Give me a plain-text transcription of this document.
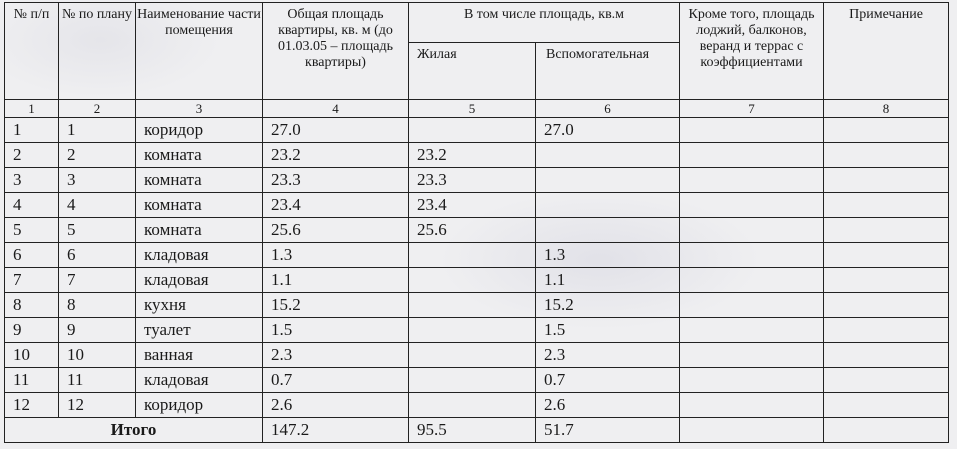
№ п/п	№ по плану	Наименование части помещения	Общая площадь квартиры, кв. м (до 01.03.05 – площадь квартиры)	В том числе площадь, кв.м		Кроме того, площадь лоджий, балконов, веранд и террас с коэффициентами	Примечание
				Жилая	Вспомогательная		
1	2	3	4	5	6	7	8
1	1	коридор	27.0		27.0		
2	2	комната	23.2	23.2			
3	3	комната	23.3	23.3			
4	4	комната	23.4	23.4			
5	5	комната	25.6	25.6			
6	6	кладовая	1.3		1.3		
7	7	кладовая	1.1		1.1		
8	8	кухня	15.2		15.2		
9	9	туалет	1.5		1.5		
10	10	ванная	2.3		2.3		
11	11	кладовая	0.7		0.7		
12	12	коридор	2.6		2.6		
Итого			147.2	95.5	51.7		
